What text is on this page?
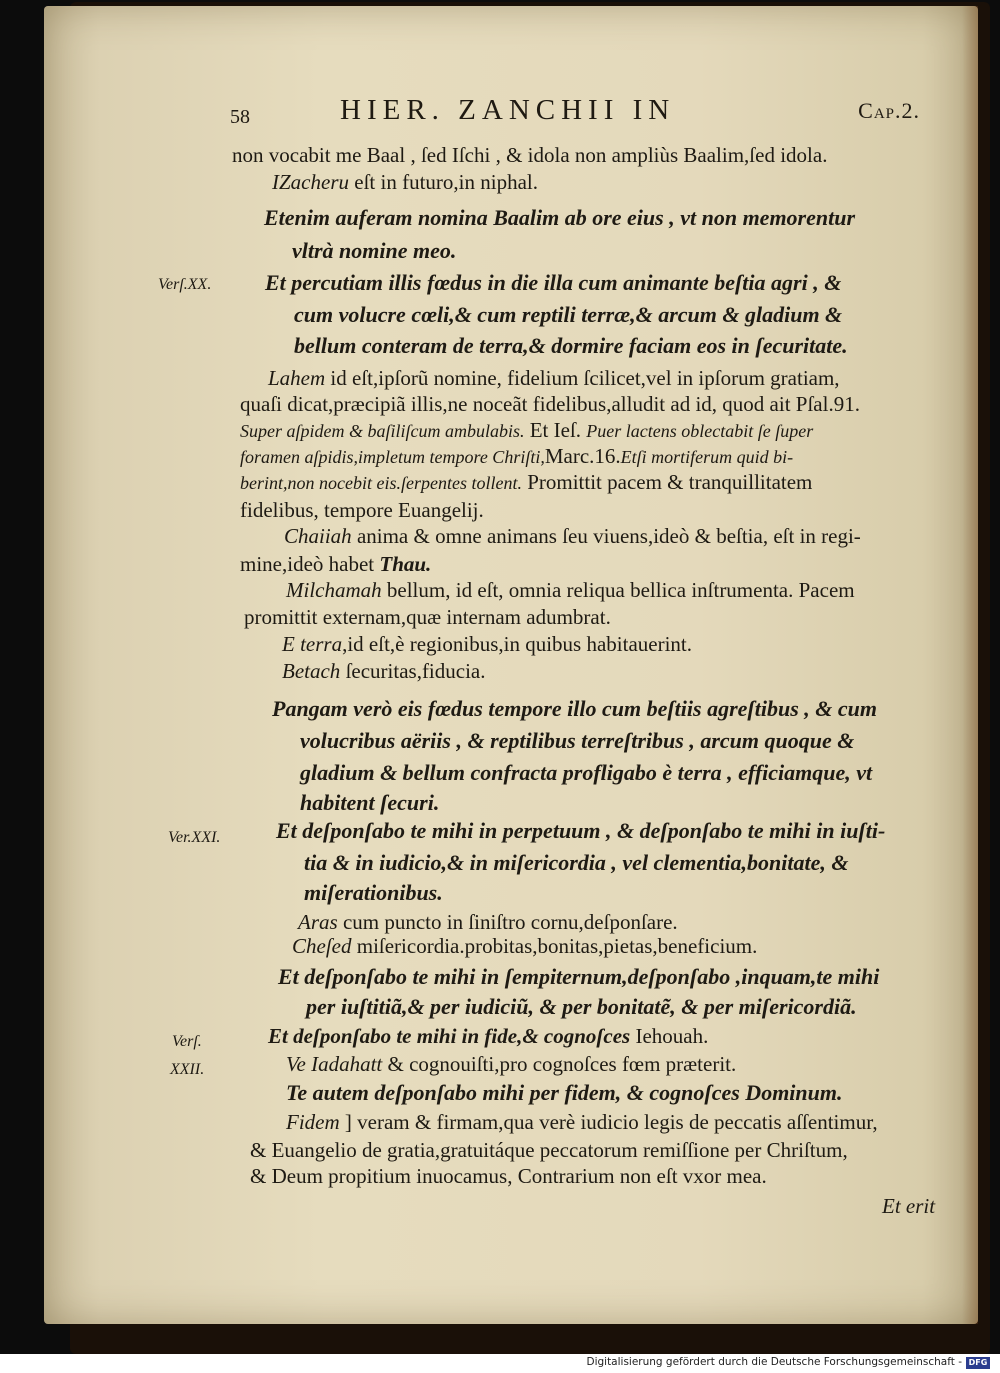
58	HIER. ZANCHII IN	Cap.2.
Verſ.XX.
Ver.XXI.
Verſ.
XXII.
non vocabit me Baal , ſed Iſchi , & idola non ampliùs Baalim,ſed idola.
IZacheru eſt in futuro,in niphal.
Etenim auferam nomina Baalim ab ore eius , vt non memorentur
vltrà nomine meo.
Et percutiam illis fœdus in die illa cum animante beſtia agri , &
cum volucre cœli,& cum reptili terræ,& arcum & gladium &
bellum conteram de terra,& dormire faciam eos in ſecuritate.
Lahem id eſt,ipſorũ nomine, fidelium ſcilicet,vel in ipſorum gratiam,
quaſi dicat,præcipiã illis,ne noceãt fidelibus,alludit ad id, quod ait Pſal.91.
Super aſpidem & baſiliſcum ambulabis. Et Ieſ. Puer lactens oblectabit ſe ſuper
foramen aſpidis,impletum tempore Chriſti,Marc.16.Etſi mortiferum quid bi-
berint,non nocebit eis.ſerpentes tollent. Promittit pacem & tranquillitatem
fidelibus, tempore Euangelij.
Chaiiah anima & omne animans ſeu viuens,ideò & beſtia, eſt in regi-
mine,ideò habet Thau.
Milchamah bellum, id eſt, omnia reliqua bellica inſtrumenta. Pacem
promittit externam,quæ internam adumbrat.
E terra,id eſt,è regionibus,in quibus habitauerint.
Betach ſecuritas,fiducia.
Pangam verò eis fœdus tempore illo cum beſtiis agreſtibus , & cum
volucribus aëriis , & reptilibus terreſtribus , arcum quoque &
gladium & bellum confracta profligabo è terra , efficiamque, vt
habitent ſecuri.
Et deſponſabo te mihi in perpetuum , & deſponſabo te mihi in iuſti-
tia & in iudicio,& in miſericordia , vel clementia,bonitate, &
miſerationibus.
Aras cum puncto in ſiniſtro cornu,deſponſare.
Cheſed miſericordia.probitas,bonitas,pietas,beneficium.
Et deſponſabo te mihi in ſempiternum,deſponſabo ,inquam,te mihi
per iuſtitiã,& per iudiciũ, & per bonitatẽ, & per miſericordiã.
Et deſponſabo te mihi in fide,& cognoſces Iehouah.
Ve Iadahatt & cognouiſti,pro cognoſces fœm præterit.
Te autem deſponſabo mihi per fidem, & cognoſces Dominum.
Fidem ] veram & firmam,qua verè iudicio legis de peccatis aſſentimur,
& Euangelio de gratia,gratuitáque peccatorum remiſſione per Chriſtum,
& Deum propitium inuocamus, Contrarium non eſt vxor mea.
Et erit
Digitalisierung gefördert durch die Deutsche Forschungsgemeinschaft - DFG
